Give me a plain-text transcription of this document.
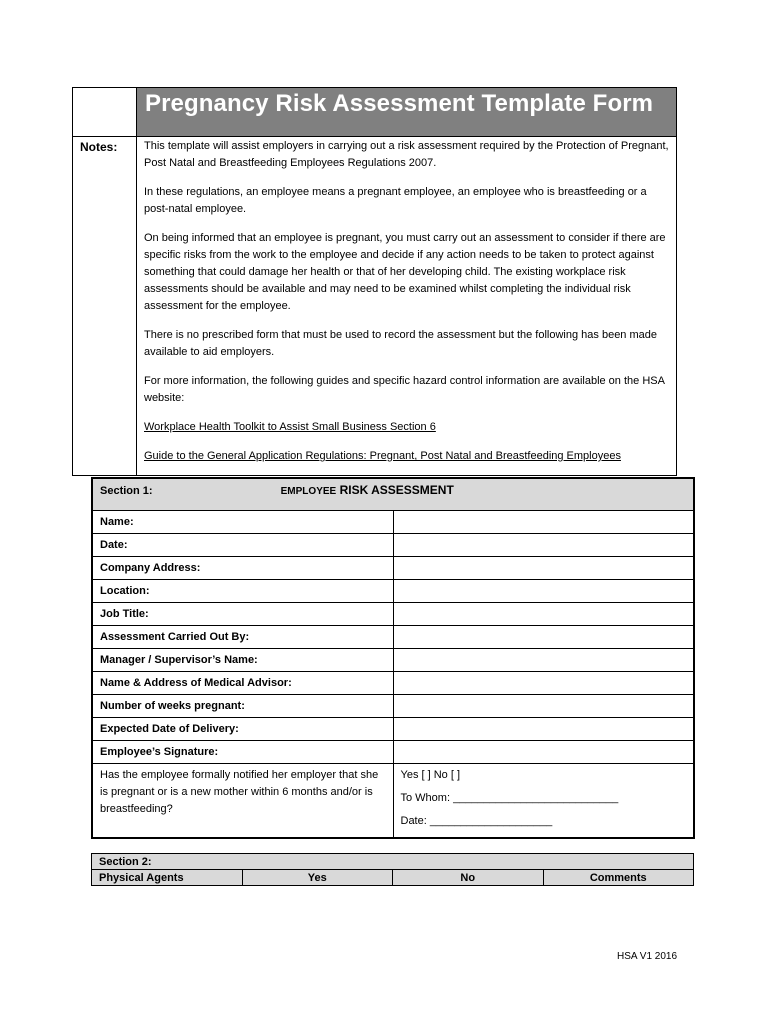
Pregnancy Risk Assessment Template Form
Notes: This template will assist employers in carrying out a risk assessment required by the Protection of Pregnant, Post Natal and Breastfeeding Employees Regulations 2007.

In these regulations, an employee means a pregnant employee, an employee who is breastfeeding or a post-natal employee.

On being informed that an employee is pregnant, you must carry out an assessment to consider if there are specific risks from the work to the employee and decide if any action needs to be taken to protect against something that could damage her health or that of her developing child. The existing workplace risk assessments should be available and may need to be examined whilst completing the individual risk assessment for the employee.

There is no prescribed form that must be used to record the assessment but the following has been made available to aid employers.

For more information, the following guides and specific hazard control information are available on the HSA website:

Workplace Health Toolkit to Assist Small Business Section 6

Guide to the General Application Regulations: Pregnant, Post Natal and Breastfeeding Employees

Section 1: EMPLOYEE RISK ASSESSMENT	
Name:	
Date:	
Company Address:	
Location:	
Job Title:	
Assessment Carried Out By:	
Manager / Supervisor’s Name:	
Name & Address of Medical Advisor:	
Number of weeks pregnant:	
Expected Date of Delivery:	
Employee’s Signature:	
Has the employee formally notified her employer that she is pregnant or is a new mother within 6 months and/or is breastfeeding?	Yes [ ] No [ ]
To Whom: ___________________________
Date: ____________________
Section 2:
Physical Agents	Yes	No	Comments
HSA V1 2016
